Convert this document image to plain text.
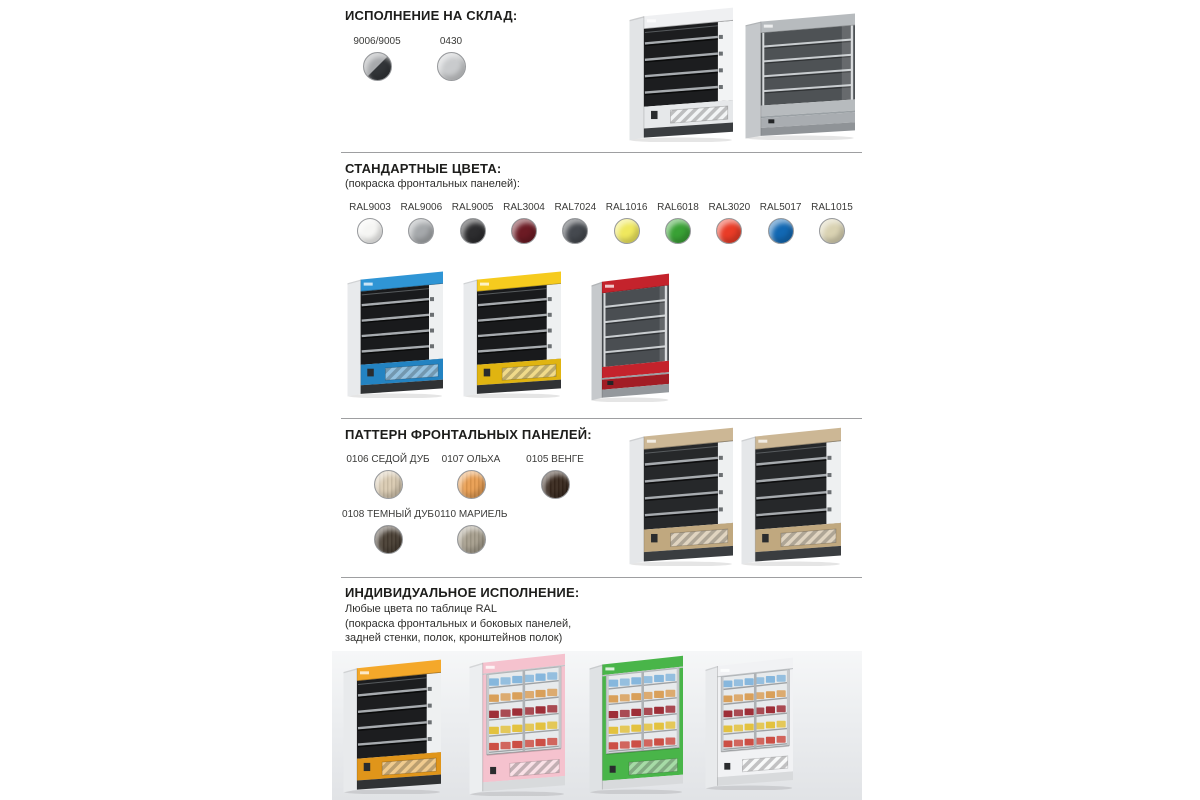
ИСПОЛНЕНИЕ НА СКЛАД:
9006/9005	0430
СТАНДАРТНЫЕ ЦВЕТА:
(покраска фронтальных панелей):
RAL9003 RAL9006 RAL9005 RAL3004 RAL7024 RAL1016 RAL6018 RAL3020 RAL5017 RAL1015
ПАТТЕРН ФРОНТАЛЬНЫХ ПАНЕЛЕЙ:
0106 СЕДОЙ ДУБ 0107 ОЛЬХА	0105 ВЕНГЕ
0108 ТЕМНЫЙ ДУБ 0110 МАРИЕЛЬ
ИНДИВИДУАЛЬНОЕ ИСПОЛНЕНИЕ:
Любые цвета по таблице RAL
(покраска фронтальных и боковых панелей,
задней стенки, полок, кронштейнов полок)
